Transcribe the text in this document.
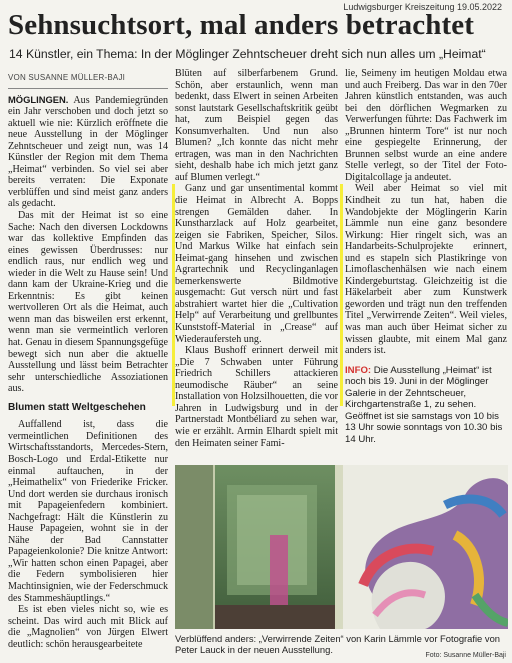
Ludwigsburger Kreiszeitung 19.05.2022
Sehnsuchtsort, mal anders betrachtet
14 Künstler, ein Thema: In der Möglinger Zehntscheuer dreht sich nun alles um „Heimat“
VON SUSANNE MÜLLER-BAJI

MÖGLINGEN. Aus Pandemiegründen ein Jahr verschoben und doch jetzt so aktuell wie nie: Kürzlich eröffnete die neue Ausstellung in der Möglinger Zehntscheuer und zeigt nun, was 14 Künstler der Region mit dem Thema „Heimat“ verbinden. So viel sei aber bereits verraten: Die Exponate verblüffen und sind meist ganz anders als gedacht.

Das mit der Heimat ist so eine Sache: Nach den diversen Lockdowns war das kollektive Empfinden das eines gewissen Überdrusses: nur endlich raus, nur endlich weg und wieder in die Welt zu Hause sein! Und dann kam der Ukraine-Krieg und die Erkenntnis: Es gibt keinen wertvolleren Ort als die Heimat, auch wenn man das bisweilen erst erkennt, wenn man sie vermeintlich verloren hat. Genau in diesem Spannungsgefüge bewegt sich nun aber die aktuelle Ausstellung und lässt beim Betrachter sehr unterschiedliche Assoziationen aus.

Blumen statt Weltgeschehen

Auffallend ist, dass die vermeintlichen Definitionen des Wirtschaftsstandorts, Mercedes-Stern, Bosch-Logo und Erdal-Etikette nur einmal auftauchen, in der „Heimathelix“ von Friederike Fricker. Und dort werden sie durchaus ironisch mit Papageienfedern kombiniert. Nachgefragt: Hält die Künstlerin zu Hause Papageien, wohnt sie in der Nähe der Bad Cannstatter Papageienkolonie? Die knitze Antwort: „Wir hatten schon einen Papagei, aber die Federn symbolisieren hier Machtinsignien, wie der Federschmuck des Stammeshäuptlings.“

Es ist eben vieles nicht so, wie es scheint. Das wird auch mit Blick auf die „Magnolien“ von Jürgen Elwert deutlich: schön herausgearbeitete

Blüten auf silberfarbenem Grund. Schön, aber erstaunlich, wenn man bedenkt, dass Elwert in seinen Arbeiten sonst lautstark Gesellschaftskritik geübt hat, zum Beispiel gegen das Konsumverhalten. Und nun also Blumen? „Ich konnte das nicht mehr ertragen, was man in den Nachrichten sieht, deshalb habe ich mich jetzt ganz auf Blumen verlegt.“

Ganz und gar unsentimental kommt die Heimat in Albrecht A. Bopps strengen Gemälden daher. In Kunstharzlack auf Holz gearbeitet, zeigen sie Fabriken, Speicher, Silos. Und Markus Wilke hat einfach sein Heimat-gang hinsehen und zwischen Agrartechnik und Recyclinganlagen bemerkenswerte Bildmotive ausgemacht: Gut versch nürt und fast abstrahiert wartet hier die „Cultivation Help“ auf Verarbeitung und grellbuntes Kunststoff-Material in „Crease“ auf Wiederaufersteh ung.

Klaus Bushoff erinnert derweil mit „Die 7 Schwaben unter Führung Friedrich Schillers attackieren neumodische Räuber“ an seine Installation von Holzsilhouetten, die vor Jahren in Ludwigsburg und in der Partnerstadt Montbéliard zu sehen war, wie er erzählt. Armin Elhardt spielt mit den Heimaten seiner Fami-

lie, Seimeny im heutigen Moldau etwa und auch Freiberg. Das war in den 70er Jahren künstlich entstanden, was auch bei den dörflichen Wegmarken zu Verwerfungen führte: Das Fachwerk im „Brunnen hinterm Tore“ ist nur noch eine gespiegelte Erinnerung, der Brunnen selbst wurde an eine andere Stelle verlegt, so der Titel der Foto-Digitalcollage ja andeutet.

Weil aber Heimat so viel mit Kindheit zu tun hat, haben die Wandobjekte der Möglingerin Karin Lämmle nun eine ganz besondere Wirkung: Hier ringelt sich, was an Handarbeits-Schulprojekte erinnert, und es stapeln sich Plastikringe von Limoflaschenhälsen wie nach einem Kindergeburtstag. Gleichzeitig ist die Häkelarbeit aber zum Kunstwerk geworden und trägt nun den treffenden Titel „Verwirrende Zeiten“. Weil vieles, was man auch über Heimat sicher zu wissen glaubte, mit einem Mal ganz anders ist.

INFO: Die Ausstellung „Heimat“ ist noch bis 19. Juni in der Möglinger Galerie in der Zehntscheuer, Kirchgartenstraße 1, zu sehen. Geöffnet ist sie samstags von 10 bis 13 Uhr sowie sonntags von 10.30 bis 14 Uhr.
Verblüffend anders: „Verwirrende Zeiten“ von Karin Lämmle vor Fotografie von Peter Lauck in der neuen Ausstellung.
Foto: Susanne Müller-Baji
